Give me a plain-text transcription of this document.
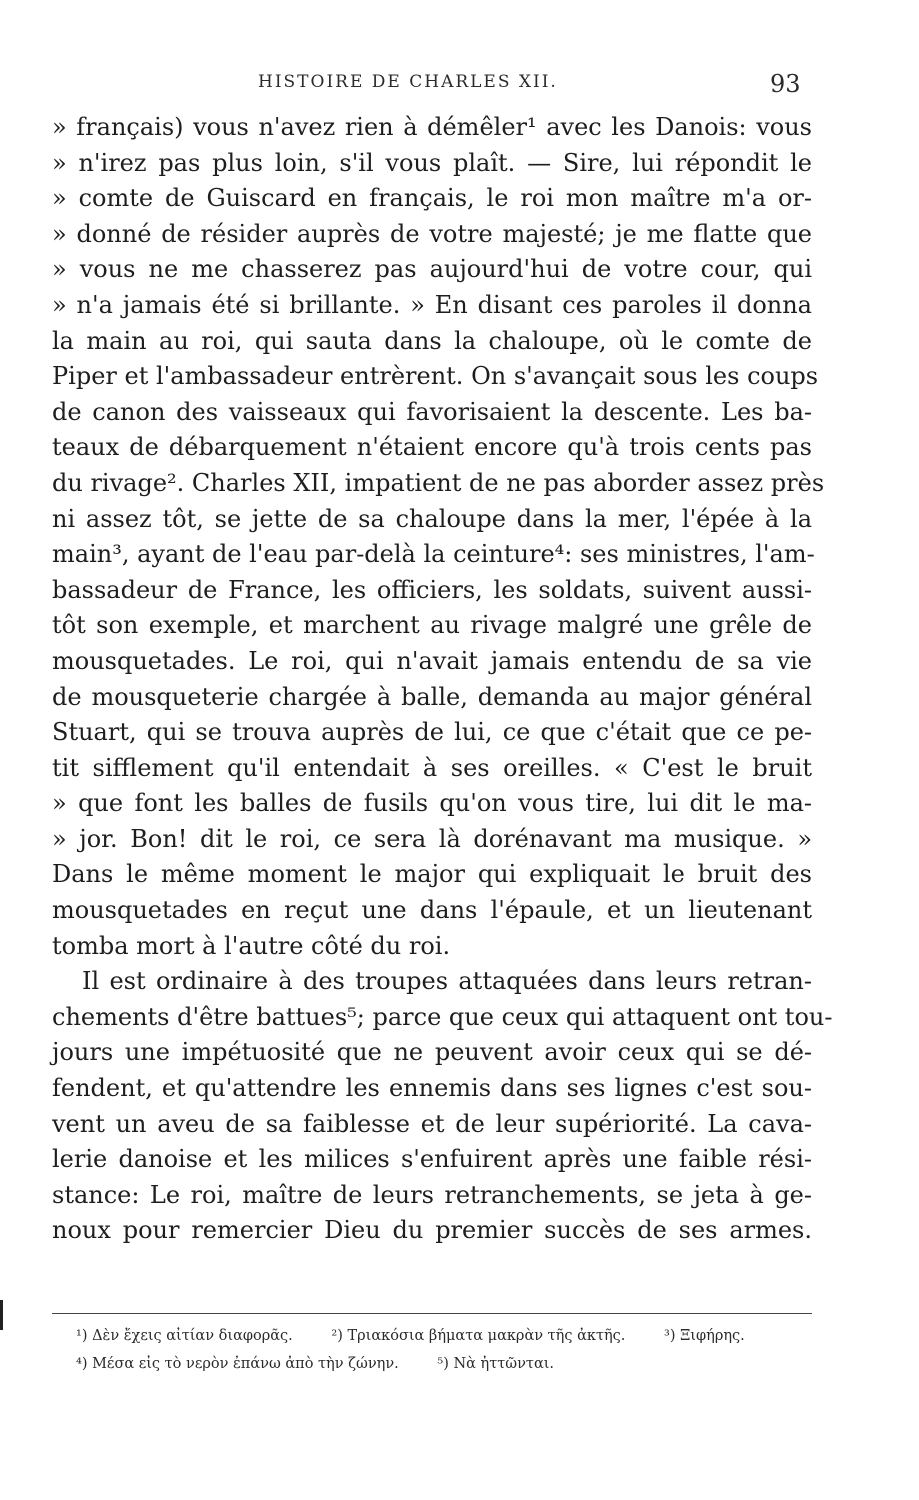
HISTOIRE DE CHARLES XII.	93
» français) vous n'avez rien à démêler¹ avec les Danois: vous
» n'irez pas plus loin, s'il vous plaît. — Sire, lui répondit le
» comte de Guiscard en français, le roi mon maître m'a or-
» donné de résider auprès de votre majesté; je me flatte que
» vous ne me chasserez pas aujourd'hui de votre cour, qui
» n'a jamais été si brillante. » En disant ces paroles il donna
la main au roi, qui sauta dans la chaloupe, où le comte de
Piper et l'ambassadeur entrèrent. On s'avançait sous les coups
de canon des vaisseaux qui favorisaient la descente. Les ba-
teaux de débarquement n'étaient encore qu'à trois cents pas
du rivage². Charles XII, impatient de ne pas aborder assez près
ni assez tôt, se jette de sa chaloupe dans la mer, l'épée à la
main³, ayant de l'eau par-delà la ceinture⁴: ses ministres, l'am-
bassadeur de France, les officiers, les soldats, suivent aussi-
tôt son exemple, et marchent au rivage malgré une grêle de
mousquetades. Le roi, qui n'avait jamais entendu de sa vie
de mousqueterie chargée à balle, demanda au major général
Stuart, qui se trouva auprès de lui, ce que c'était que ce pe-
tit sifflement qu'il entendait à ses oreilles. « C'est le bruit
» que font les balles de fusils qu'on vous tire, lui dit le ma-
» jor. Bon! dit le roi, ce sera là dorénavant ma musique. »
Dans le même moment le major qui expliquait le bruit des
mousquetades en reçut une dans l'épaule, et un lieutenant
tomba mort à l'autre côté du roi.
Il est ordinaire à des troupes attaquées dans leurs retran-
chements d'être battues⁵; parce que ceux qui attaquent ont tou-
jours une impétuosité que ne peuvent avoir ceux qui se dé-
fendent, et qu'attendre les ennemis dans ses lignes c'est sou-
vent un aveu de sa faiblesse et de leur supériorité. La cava-
lerie danoise et les milices s'enfuirent après une faible rési-
stance: Le roi, maître de leurs retranchements, se jeta à ge-
noux pour remercier Dieu du premier succès de ses armes.
¹) Δὲν ἔχεις αἰτίαν διαφορᾶς.	²) Τριακόσια βήματα μακρὰν τῆς ἀκτῆς.	³) Ξιφήρης.
⁴) Μέσα εἰς τὸ νερὸν ἐπάνω ἀπὸ τὴν ζώνην.	⁵) Νὰ ἡττῶνται.
